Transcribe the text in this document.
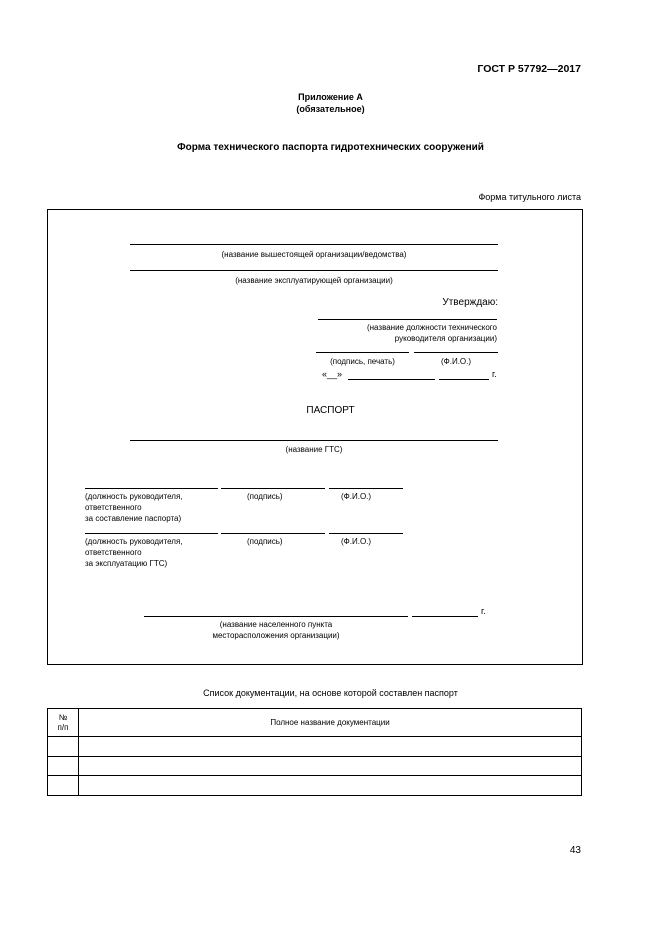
ГОСТ Р 57792—2017
Приложение А
(обязательное)
Форма технического паспорта гидротехнических сооружений
Форма титульного листа
(название вышестоящей организации/ведомства)
(название эксплуатирующей организации)
Утверждаю:
(название должности технического
руководителя организации)
(подпись, печать)	(Ф.И.О.)
«__»	г.
ПАСПОРТ
(название ГТС)
(должность руководителя,
ответственного
за составление паспорта)
(подпись)	(Ф.И.О.)
(должность руководителя,
ответственного
за эксплуатацию ГТС)
(подпись)	(Ф.И.О.)
г.
(название населенного пункта
месторасположения организации)
Список документации, на основе которой составлен паспорт
№
п/п	Полное название документации

43
